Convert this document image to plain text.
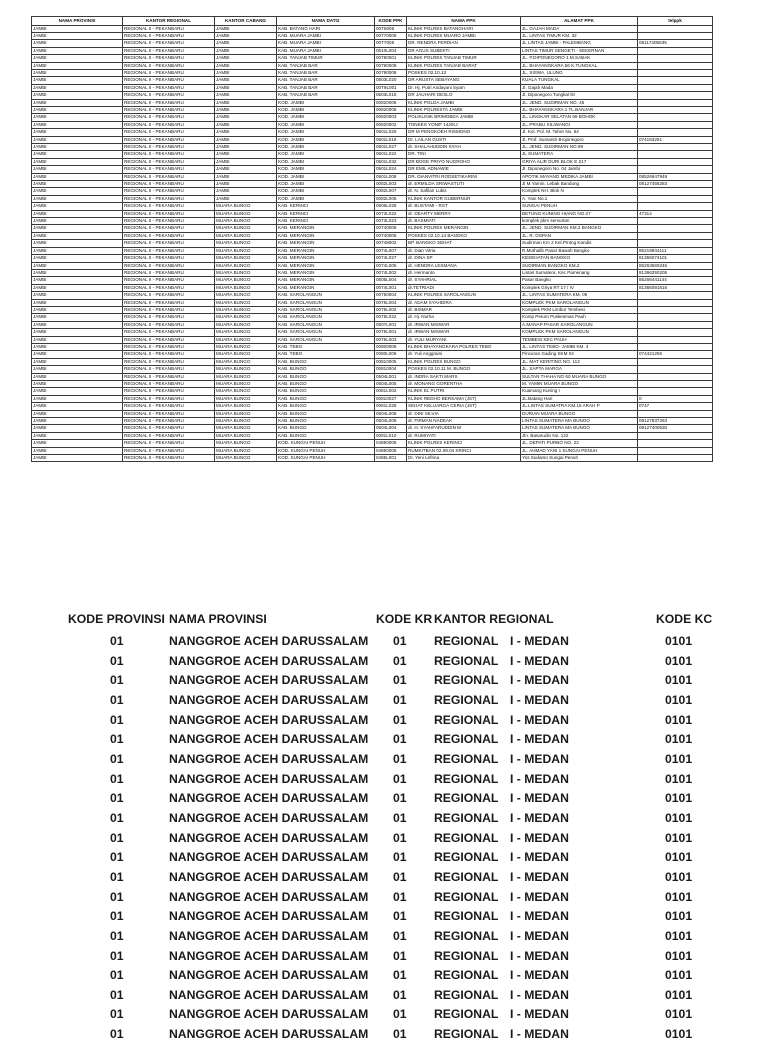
NAMA PROVINSI	KANTOR REGIONAL	KANTOR CABANG	NAMA DATI2	KODE PPK	NAMA PPK	ALAMAT PPK	telppk
JAMBI	REGIONAL II - PEKANBARU	JAMBI	KAB. BATANG HARI	00T6006	KLINIK POLRES BATANGHARI	JL. GAJAH MADA	
JAMBI	REGIONAL II - PEKANBARU	JAMBI	KAB. MUARA JAMBI	00770008	KLINIK POLRES MUARO JAMBI	JL. LINTAS TIMUR KM. 32	
JAMBI	REGIONAL II - PEKANBARU	JAMBI	KAB. MUARA JAMBI	00T7005	DR. RENDRA FERDIAN	JL LINTAS JAMBI - PALEMBANG	08117405535
JAMBI	REGIONAL II - PEKANBARU	JAMBI	KAB. MUARA JAMBI	0510L004	DR AGUS SUBEKTI	LINTAS TIMUR SENGETI - SEKERNAN	
JAMBI	REGIONAL II - PEKANBARU	JAMBI	KAB. TANJAB TIMUR	00780001	KLINIK POLRES TANJAB TIMUR	JL. P.DIPONEGORO 1 M.SABAK	
JAMBI	REGIONAL II - PEKANBARU	JAMBI	KAB. TANJAB BAR	00790009	KLINIK POLRES TANJAB BARAT	JL. BHAYANGKARA 56 K.TUNGKAL	
JAMBI	REGIONAL II - PEKANBARU	JAMBI	KAB. TANJAB BAR	00790008	POSKES 02.10.13	JL. SISWA. ULUNG	
JAMBI	REGIONAL II - PEKANBARU	JAMBI	KAB. TANJAB BAR	0503L020	DR ARUSTA SEBAYANG	KUALA TUNGKAL	
JAMBI	REGIONAL II - PEKANBARU	JAMBI	KAB. TANJAB BAR	00T9L001	Dr. Hj. Putri Andayani Syam	Jl. Gajah Mada	
JAMBI	REGIONAL II - PEKANBARU	JAMBI	KAB. TANJAB BAR	0503L018	DR JAUHARI DESLO	Jl. Diponegoro Tungkal Ilir	
JAMBI	REGIONAL II - PEKANBARU	JAMBI	KOD. JAMBI	00820006	KLINIK POLDA JAMBI	JL. JEND. SUDIRMAN NO. 45	
JAMBI	REGIONAL II - PEKANBARU	JAMBI	KOD. JAMBI	00820005	KLINIK POLRESTA JAMBI	JL. BHAYANGKARA 1 TL.BANJAR	
JAMBI	REGIONAL II - PEKANBARU	JAMBI	KOD. JAMBI	00820003	POLIKLINIK BRIMOBDA JAMBI	JL. LINGKAR SELATAN 69 BOHOK	
JAMBI	REGIONAL II - PEKANBARU	JAMBI	KOD. JAMBI	00820002	TONKES YONIF 142/KJ	JL. PRABU SILIWANGI	
JAMBI	REGIONAL II - PEKANBARU	JAMBI	KOD. JAMBI	0501L026	DR M PENGKOEH RISMONO	Jl. Kol. Pol. M. Taher No. 64	
JAMBI	REGIONAL II - PEKANBARU	JAMBI	KOD. JAMBI	0501L019	Dr. LAILAN GUSTI	Jl. Prof. Sumantri Brojonegoro	074163251
JAMBI	REGIONAL II - PEKANBARU	JAMBI	KOD. JAMBI	0501L027	dr. SHALAHUDDIN SYAH	JL. JEND. SUDIRMAN NO.99	
JAMBI	REGIONAL II - PEKANBARU	JAMBI	KOD. JAMBI	0501L022	DR. TINI	JL SUMATERA	
JAMBI	REGIONAL II - PEKANBARU	JAMBI	KOD. JAMBI	0501L032	DR BOGE PRIYO NUGROHO	GRIYA ALIR DURI BLOK E 217	
JAMBI	REGIONAL II - PEKANBARU	JAMBI	KOD. JAMBI	0501L024	DR EMIL ADNAWIE	Jl. Diponegoro No. 04 Jambi	
JAMBI	REGIONAL II - PEKANBARU	JAMBI	KOD. JAMBI	0501L008	DR. DIANVITRI RODSETIKARINI	APOTIK MAYANG MEDIKA JAMBI	08526647949
JAMBI	REGIONAL II - PEKANBARU	JAMBI	KOD. JAMBI	0082L003	dr. ERMILDA SRIWASTUTI	Jl M.Yamin. Lebak Bandung	08127455283
JAMBI	REGIONAL II - PEKANBARU	JAMBI	KOD. JAMBI	0082L007	dr. N. Safilan Lubis	Komplek NH. Blok N	
JAMBI	REGIONAL II - PEKANBARU	JAMBI	KOD. JAMBI	0082L005	KLINIK KANTOR GUBERNUR	A. Yani No.1	
JAMBI	REGIONAL II - PEKANBARU	MUARA BUNGO	KAB. KERINCI	0506L028	dr. BUSTAMI - RST	SUNGAI PENUH	
JAMBI	REGIONAL II - PEKANBARU	MUARA BUNGO	KAB. KERINCI	0073L022	dr. DEARTY MERRY	BETUNG KUNING HIANG NO.27	47314
JAMBI	REGIONAL II - PEKANBARU	MUARA BUNGO	KAB. KERINCI	0073L023	dr. BASMIATI	komplek pkm semurtan	
JAMBI	REGIONAL II - PEKANBARU	MUARA BUNGO	KAB. MERANGIN	00740006	KLINIK POLRES MERANGIN	JL. JEND. SUDIRMAN KM.2 BANGKO	
JAMBI	REGIONAL II - PEKANBARU	MUARA BUNGO	KAB. MERANGIN	00740005	POSKES 02.10.14 BANGKO	JL. R. OSPAN	
JAMBI	REGIONAL II - PEKANBARU	MUARA BUNGO	KAB. MERANGIN	00748002	BP. BANGKO SEHAT	Sudirman Km 2 Kel.Pmtng Kandis	
JAMBI	REGIONAL II - PEKANBARU	MUARA BUNGO	KAB. MERANGIN	0074L007	dr. Dian Vitria	R.Muthalib Pasar Bawah Bangko	85219944111
JAMBI	REGIONAL II - PEKANBARU	MUARA BUNGO	KAB. MERANGIN	0074L027	dr. DINA SP	KESEHATAN BANGKO	81366074101
JAMBI	REGIONAL II - PEKANBARU	MUARA BUNGO	KAB. MERANGIN	0074L005	dr. HENDRA LESMANA	SUDIRMAN BANGKO KM.2	85263560246
JAMBI	REGIONAL II - PEKANBARU	MUARA BUNGO	KAB. MERANGIN	0074L002	dr. Hermanto	Lintas Sumatera, Kec Pamenang	81366250205
JAMBI	REGIONAL II - PEKANBARU	MUARA BUNGO	KAB. MERANGIN	0505L004	dr. SYAHRIAL	Pasar Bangko	85266441144
JAMBI	REGIONAL II - PEKANBARU	MUARA BUNGO	KAB. MERANGIN	0074L001	dr.TETRIADI	Komplek Griya RT 17 / IV	81366091616
JAMBI	REGIONAL II - PEKANBARU	MUARA BUNGO	KAB. SAROLANGUN	00750004	KLINIK POLRES SAROLANGUN	JL. LINTAS SUMATERA KM. 09	
JAMBI	REGIONAL II - PEKANBARU	MUARA BUNGO	KAB. SAROLANGUN	0075L004	dr. ADAM SYAHDIRA	KOMPLEK PKM SAROLANGUN	
JAMBI	REGIONAL II - PEKANBARU	MUARA BUNGO	KAB. SAROLANGUN	0075L002	dr. BISMAR	Komplek PKM Limbur Tembesi	
JAMBI	REGIONAL II - PEKANBARU	MUARA BUNGO	KAB. SAROLANGUN	0075L022	dr. Hj. Nurha	Komp Perum Puskesmas Pauh	
JAMBI	REGIONAL II - PEKANBARU	MUARA BUNGO	KAB. SAROLANGUN	0507L001	dr. IRWAN MISWAR	A.MANAP PASAR SAROLANGUN	
JAMBI	REGIONAL II - PEKANBARU	MUARA BUNGO	KAB. SAROLANGUN	0075L001	dr. IRWAN MISWAR	KOMPLEK PKM SAROLANGUN	
JAMBI	REGIONAL II - PEKANBARU	MUARA BUNGO	KAB. SAROLANGUN	0075L003	dr. YULI MURYANI	TEMBESI KEC PAUH	
JAMBI	REGIONAL II - PEKANBARU	MUARA BUNGO	KAB. TEBO	00800006	KLINIK BHAYANGKARA POLRES TEBO	JL. LINTAS TEBO- JAMBI KM. 4	
JAMBI	REGIONAL II - PEKANBARU	MUARA BUNGO	KAB. TEBO	0080L006	dr. Yuli Anggraini	Pincuran Gading SKM 04	074421255
JAMBI	REGIONAL II - PEKANBARU	MUARA BUNGO	KAB. BUNGO	00810005	KLINIK POLRES BUNGO	JL. MAT KERITING NO. 113	
JAMBI	REGIONAL II - PEKANBARU	MUARA BUNGO	KAB. BUNGO	00810004	POSKES 02.10.11 M. BUNGO	JL. SAPTA MARGA	
JAMBI	REGIONAL II - PEKANBARU	MUARA BUNGO	KAB. BUNGO	0504L001	dr. INDRA SAKTI MARS	SULTAN THAHA NO 60 MUARA BUNGO	
JAMBI	REGIONAL II - PEKANBARU	MUARA BUNGO	KAB. BUNGO	0504L005	dr. MONANG GORENTHA	M. YAMIN MUARA BUNGO	
JAMBI	REGIONAL II - PEKANBARU	MUARA BUNGO	KAB. BUNGO	0081L002	KLINIK EL PUTRI	Kuamang Kuning I	
JAMBI	REGIONAL II - PEKANBARU	MUARA BUNGO	KAB. BUNGO	00810027	KLINIK REDHO BERSAMA (JST)	JL.Batang Hari	0
JAMBI	REGIONAL II - PEKANBARU	MUARA BUNGO	KAB. BUNGO	0081L028	SEHAT KELUARGA CERIA (JST)	JL.LINTAS SUMATRA KM.15 ARAH P	0747
JAMBI	REGIONAL II - PEKANBARU	MUARA BUNGO	KAB. BUNGO	0504L008	dr. DINI SILVIA	DURIAN MUARA BUNGO	
JAMBI	REGIONAL II - PEKANBARU	MUARA BUNGO	KAB. BUNGO	0504L006	dr. FIRMAN NADEAK	LINTAS SUMATERA MA BUNGO	08127837263
JAMBI	REGIONAL II - PEKANBARU	MUARA BUNGO	KAB. BUNGO	0504L004	dr. H. SYAHFARUDDIN M	LINTAS SUMATERA MA BUNGO	08127400530
JAMBI	REGIONAL II - PEKANBARU	MUARA BUNGO	KAB. BUNGO	0081L010	dr. RUMIYATI	Jln. Basarudin No. 122	
JAMBI	REGIONAL II - PEKANBARU	MUARA BUNGO	KOD. SUNGAI PENUH	04850006	KLINIK POLRES KERINCI	JL. DEPATI PURBO NO. 22	
JAMBI	REGIONAL II - PEKANBARU	MUARA BUNGO	KOD. SUNGAI PENUH	04850005	RUMKITBAN 02.09.04 KRINCI	JL. AHMAD YANI 1 SUNGAI PENUH	
JAMBI	REGIONAL II - PEKANBARU	MUARA BUNGO	KOD. SUNGAI PENUH	0485L001	Dr. Yeni Lefrina	Yos Sudarso Sungai Penuh	
KODE PROVINSI	NAMA PROVINSI	KODE KR	KANTOR REGIONAL		KODE KC
01	NANGGROE ACEH DARUSSALAM	01	REGIONAL	I - MEDAN	0101
01	NANGGROE ACEH DARUSSALAM	01	REGIONAL	I - MEDAN	0101
01	NANGGROE ACEH DARUSSALAM	01	REGIONAL	I - MEDAN	0101
01	NANGGROE ACEH DARUSSALAM	01	REGIONAL	I - MEDAN	0101
01	NANGGROE ACEH DARUSSALAM	01	REGIONAL	I - MEDAN	0101
01	NANGGROE ACEH DARUSSALAM	01	REGIONAL	I - MEDAN	0101
01	NANGGROE ACEH DARUSSALAM	01	REGIONAL	I - MEDAN	0101
01	NANGGROE ACEH DARUSSALAM	01	REGIONAL	I - MEDAN	0101
01	NANGGROE ACEH DARUSSALAM	01	REGIONAL	I - MEDAN	0101
01	NANGGROE ACEH DARUSSALAM	01	REGIONAL	I - MEDAN	0101
01	NANGGROE ACEH DARUSSALAM	01	REGIONAL	I - MEDAN	0101
01	NANGGROE ACEH DARUSSALAM	01	REGIONAL	I - MEDAN	0101
01	NANGGROE ACEH DARUSSALAM	01	REGIONAL	I - MEDAN	0101
01	NANGGROE ACEH DARUSSALAM	01	REGIONAL	I - MEDAN	0101
01	NANGGROE ACEH DARUSSALAM	01	REGIONAL	I - MEDAN	0101
01	NANGGROE ACEH DARUSSALAM	01	REGIONAL	I - MEDAN	0101
01	NANGGROE ACEH DARUSSALAM	01	REGIONAL	I - MEDAN	0101
01	NANGGROE ACEH DARUSSALAM	01	REGIONAL	I - MEDAN	0101
01	NANGGROE ACEH DARUSSALAM	01	REGIONAL	I - MEDAN	0101
01	NANGGROE ACEH DARUSSALAM	01	REGIONAL	I - MEDAN	0101
01	NANGGROE ACEH DARUSSALAM	01	REGIONAL	I - MEDAN	0101
